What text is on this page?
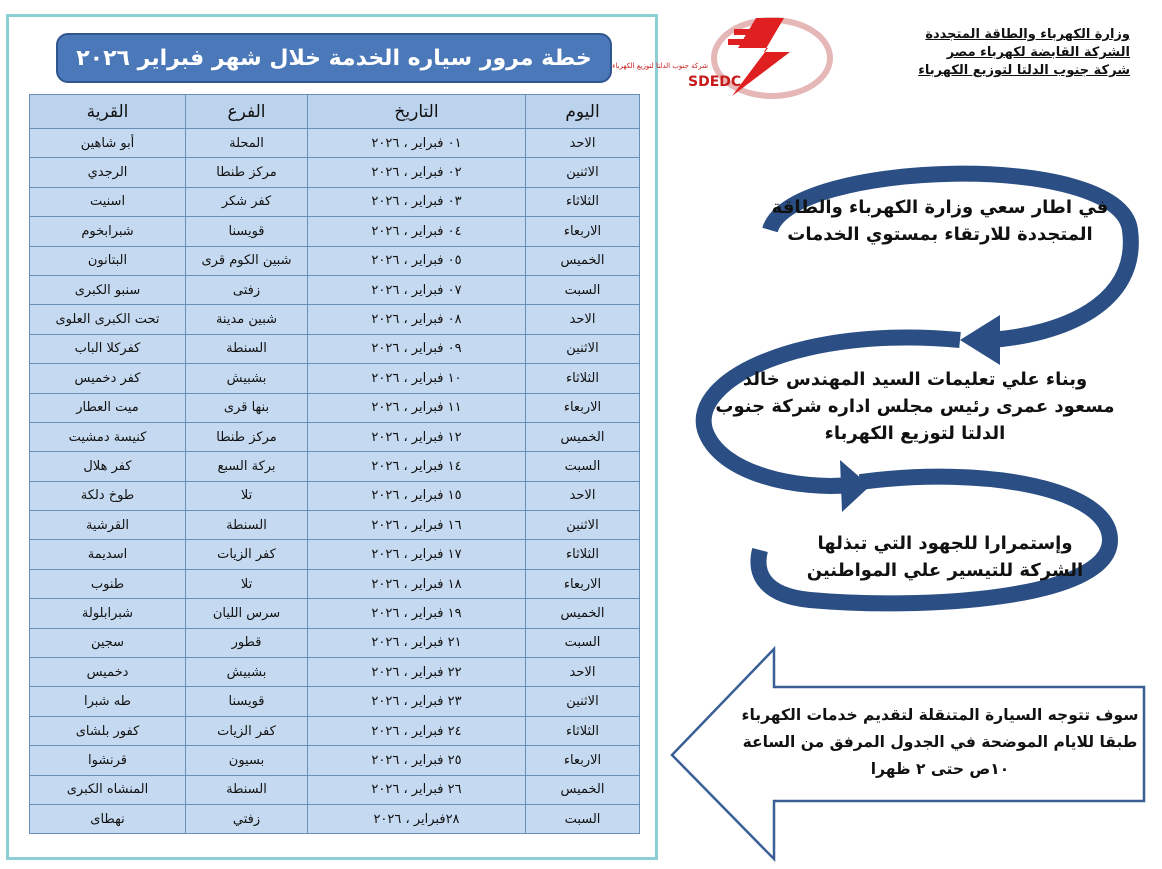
خطة مرور سياره الخدمة خلال شهر فبراير ٢٠٢٦
اليوم	التاريخ	الفرع	القرية
الاحد	٠١ فبراير ، ٢٠٢٦	المحلة	أبو شاهين
الاثنين	٠٢ فبراير ، ٢٠٢٦	مركز طنطا	الرجدي
الثلاثاء	٠٣ فبراير ، ٢٠٢٦	كفر شكر	اسنيت
الاربعاء	٠٤ فبراير ، ٢٠٢٦	قويسنا	شبرابخوم
الخميس	٠٥ فبراير ، ٢٠٢٦	شبين الكوم قرى	البتانون
السبت	٠٧ فبراير ، ٢٠٢٦	زفتى	سنبو الكبرى
الاحد	٠٨ فبراير ، ٢٠٢٦	شبين مدينة	تحت الكبرى العلوى
الاثنين	٠٩ فبراير ، ٢٠٢٦	السنطة	كفركلا الباب
الثلاثاء	١٠ فبراير ، ٢٠٢٦	بشبيش	كفر دخميس
الاربعاء	١١ فبراير ، ٢٠٢٦	بنها قرى	ميت العطار
الخميس	١٢ فبراير ، ٢٠٢٦	مركز طنطا	كنيسة دمشيت
السبت	١٤ فبراير ، ٢٠٢٦	بركة السبع	كفر هلال
الاحد	١٥ فبراير ، ٢٠٢٦	تلا	طوخ دلكة
الاثنين	١٦ فبراير ، ٢٠٢٦	السنطة	القرشية
الثلاثاء	١٧ فبراير ، ٢٠٢٦	كفر الزيات	اسديمة
الاربعاء	١٨ فبراير ، ٢٠٢٦	تلا	طنوب
الخميس	١٩ فبراير ، ٢٠٢٦	سرس الليان	شبرابلولة
السبت	٢١ فبراير ، ٢٠٢٦	قطور	سجين
الاحد	٢٢ فبراير ، ٢٠٢٦	بشبيش	دخميس
الاثنين	٢٣ فبراير ، ٢٠٢٦	قويسنا	طه شبرا
الثلاثاء	٢٤ فبراير ، ٢٠٢٦	كفر الزيات	كفور بلشاى
الاربعاء	٢٥ فبراير ، ٢٠٢٦	بسيون	قرنشوا
الخميس	٢٦ فبراير ، ٢٠٢٦	السنطة	المنشاه الكبرى
السبت	٢٨فبراير ، ٢٠٢٦	زفتي	نهطاى
شركة جنوب الدلتا لتوزيع الكهرباء
SDEDC
وزارة الكهرباء والطاقة المتجددة
الشركة القابضة لكهرباء مصر
شركة جنوب الدلتا لتوزيع الكهرباء
في اطار سعي وزارة الكهرباء والطاقة المتجددة للارتقاء بمستوي الخدمات
وبناء علي تعليمات السيد المهندس خالد مسعود عمرى رئيس مجلس اداره شركة جنوب الدلتا لتوزيع الكهرباء
وإستمرارا للجهود التي تبذلها الشركة للتيسير علي المواطنين
سوف تتوجه السيارة المتنقلة لتقديم خدمات الكهرباء طبقا للايام الموضحة في الجدول المرفق من الساعة ١٠ص حتى ٢ ظهرا
